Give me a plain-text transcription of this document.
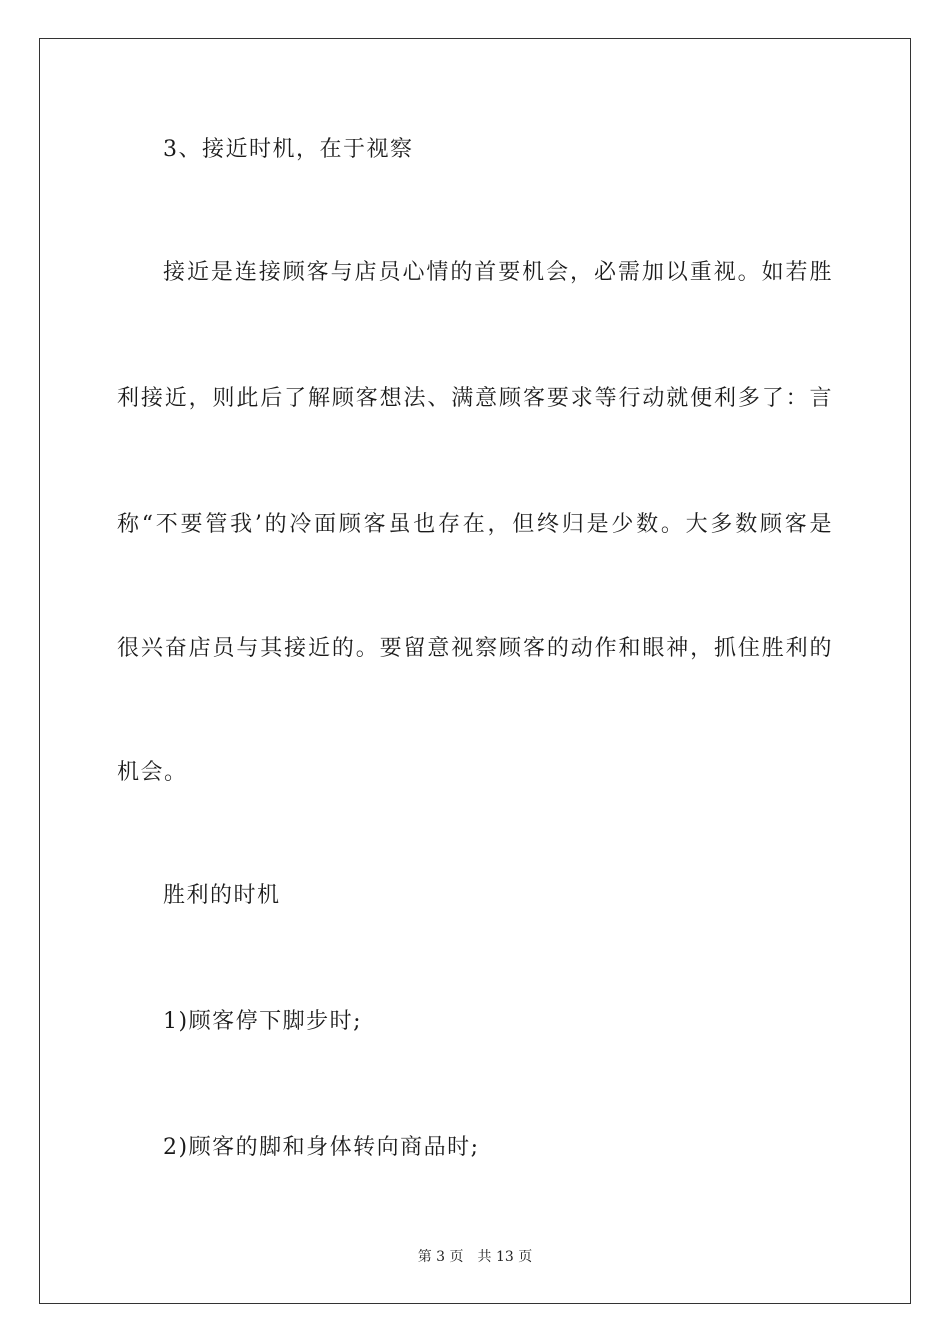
3、接近时机，在于视察
接近是连接顾客与店员心情的首要机会，必需加以重视。如若胜
利接近，则此后了解顾客想法、满意顾客要求等行动就便利多了：言
称“不要管我’的冷面顾客虽也存在，但终归是少数。大多数顾客是
很兴奋店员与其接近的。要留意视察顾客的动作和眼神，抓住胜利的
机会。
胜利的时机
1)顾客停下脚步时;
2)顾客的脚和身体转向商品时;
第 3 页 共 13 页
